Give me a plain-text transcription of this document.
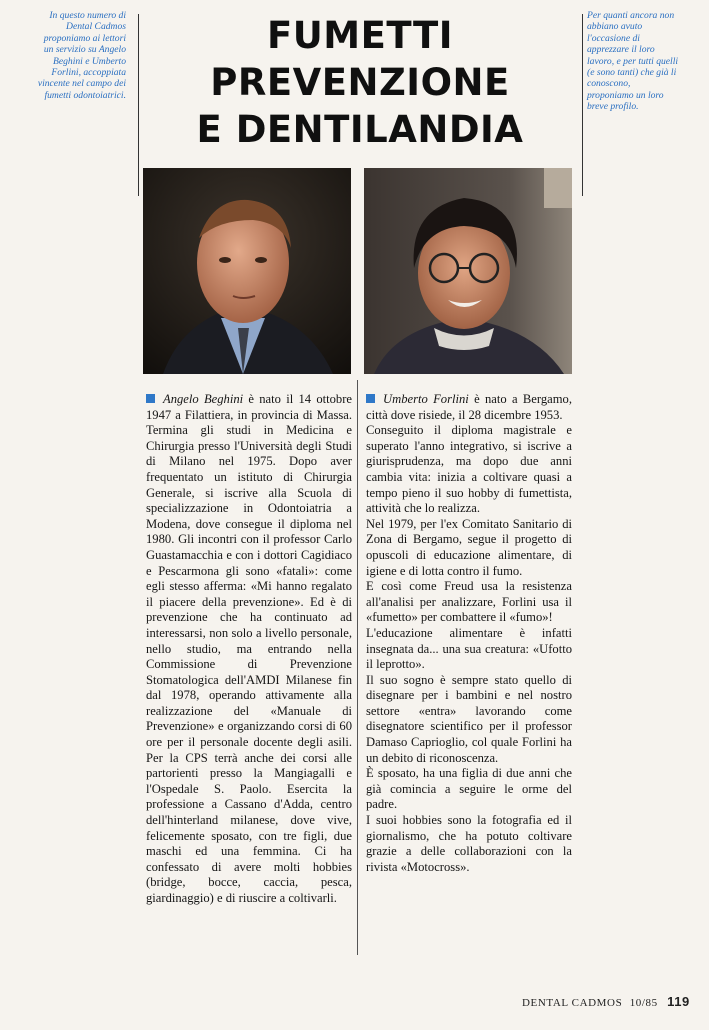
In questo numero di Dental Cadmos proponiamo ai lettori un servizio su Angelo Beghini e Umberto Forlini, accoppiata vincente nel campo dei fumetti odontoiatrici.
Per quanti ancora non abbiano avuto l'occasione di apprezzare il loro lavoro, e per tutti quelli (e sono tanti) che già li conoscono, proponiamo un loro breve profilo.
FUMETTI
PREVENZIONE
E DENTILANDIA

Angelo Beghini è nato il 14 ottobre 1947 a Filattiera, in provincia di Massa. Termina gli studi in Medicina e Chirurgia presso l'Università degli Studi di Milano nel 1975. Dopo aver frequentato un istituto di Chirurgia Generale, si iscrive alla Scuola di specializzazione in Odontoiatria a Modena, dove consegue il diploma nel 1980. Gli incontri con il professor Carlo Guastamacchia e con i dottori Cagidiaco e Pescarmona gli sono «fatali»: come egli stesso afferma: «Mi hanno regalato il piacere della prevenzione». Ed è di prevenzione che ha continuato ad interessarsi, non solo a livello personale, nello studio, ma entrando nella Commissione di Prevenzione Stomatologica dell'AMDI Milanese fin dal 1978, operando attivamente alla realizzazione del «Manuale di Prevenzione» e organizzando corsi di 60 ore per il personale docente degli asili. Per la CPS terrà anche dei corsi alle partorienti presso la Mangiagalli e l'Ospedale S. Paolo. Esercita la professione a Cassano d'Adda, centro dell'hinterland milanese, dove vive, felicemente sposato, con tre figli, due maschi ed una femmina. Ci ha confessato di avere molti hobbies (bridge, bocce, caccia, pesca, giardinaggio) e di riuscire a coltivarli.

Umberto Forlini è nato a Bergamo, città dove risiede, il 28 dicembre 1953.

Conseguito il diploma magistrale e superato l'anno integrativo, si iscrive a giurisprudenza, ma dopo due anni cambia vita: inizia a coltivare quasi a tempo pieno il suo hobby di fumettista, attività che lo realizza.

Nel 1979, per l'ex Comitato Sanitario di Zona di Bergamo, segue il progetto di opuscoli di educazione alimentare, di igiene e di lotta contro il fumo.

E così come Freud usa la resistenza all'analisi per analizzare, Forlini usa il «fumetto» per combattere il «fumo»!

L'educazione alimentare è infatti insegnata da... una sua creatura: «Ufotto il leprotto».

Il suo sogno è sempre stato quello di disegnare per i bambini e nel nostro settore «entra» lavorando come disegnatore scientifico per il professor Damaso Caprioglio, col quale Forlini ha un debito di riconoscenza.

È sposato, ha una figlia di due anni che già comincia a seguire le orme del padre.

I suoi hobbies sono la fotografia ed il giornalismo, che ha potuto coltivare grazie a delle collaborazioni con la rivista «Motocross».

DENTAL CADMOS 10/85 119
